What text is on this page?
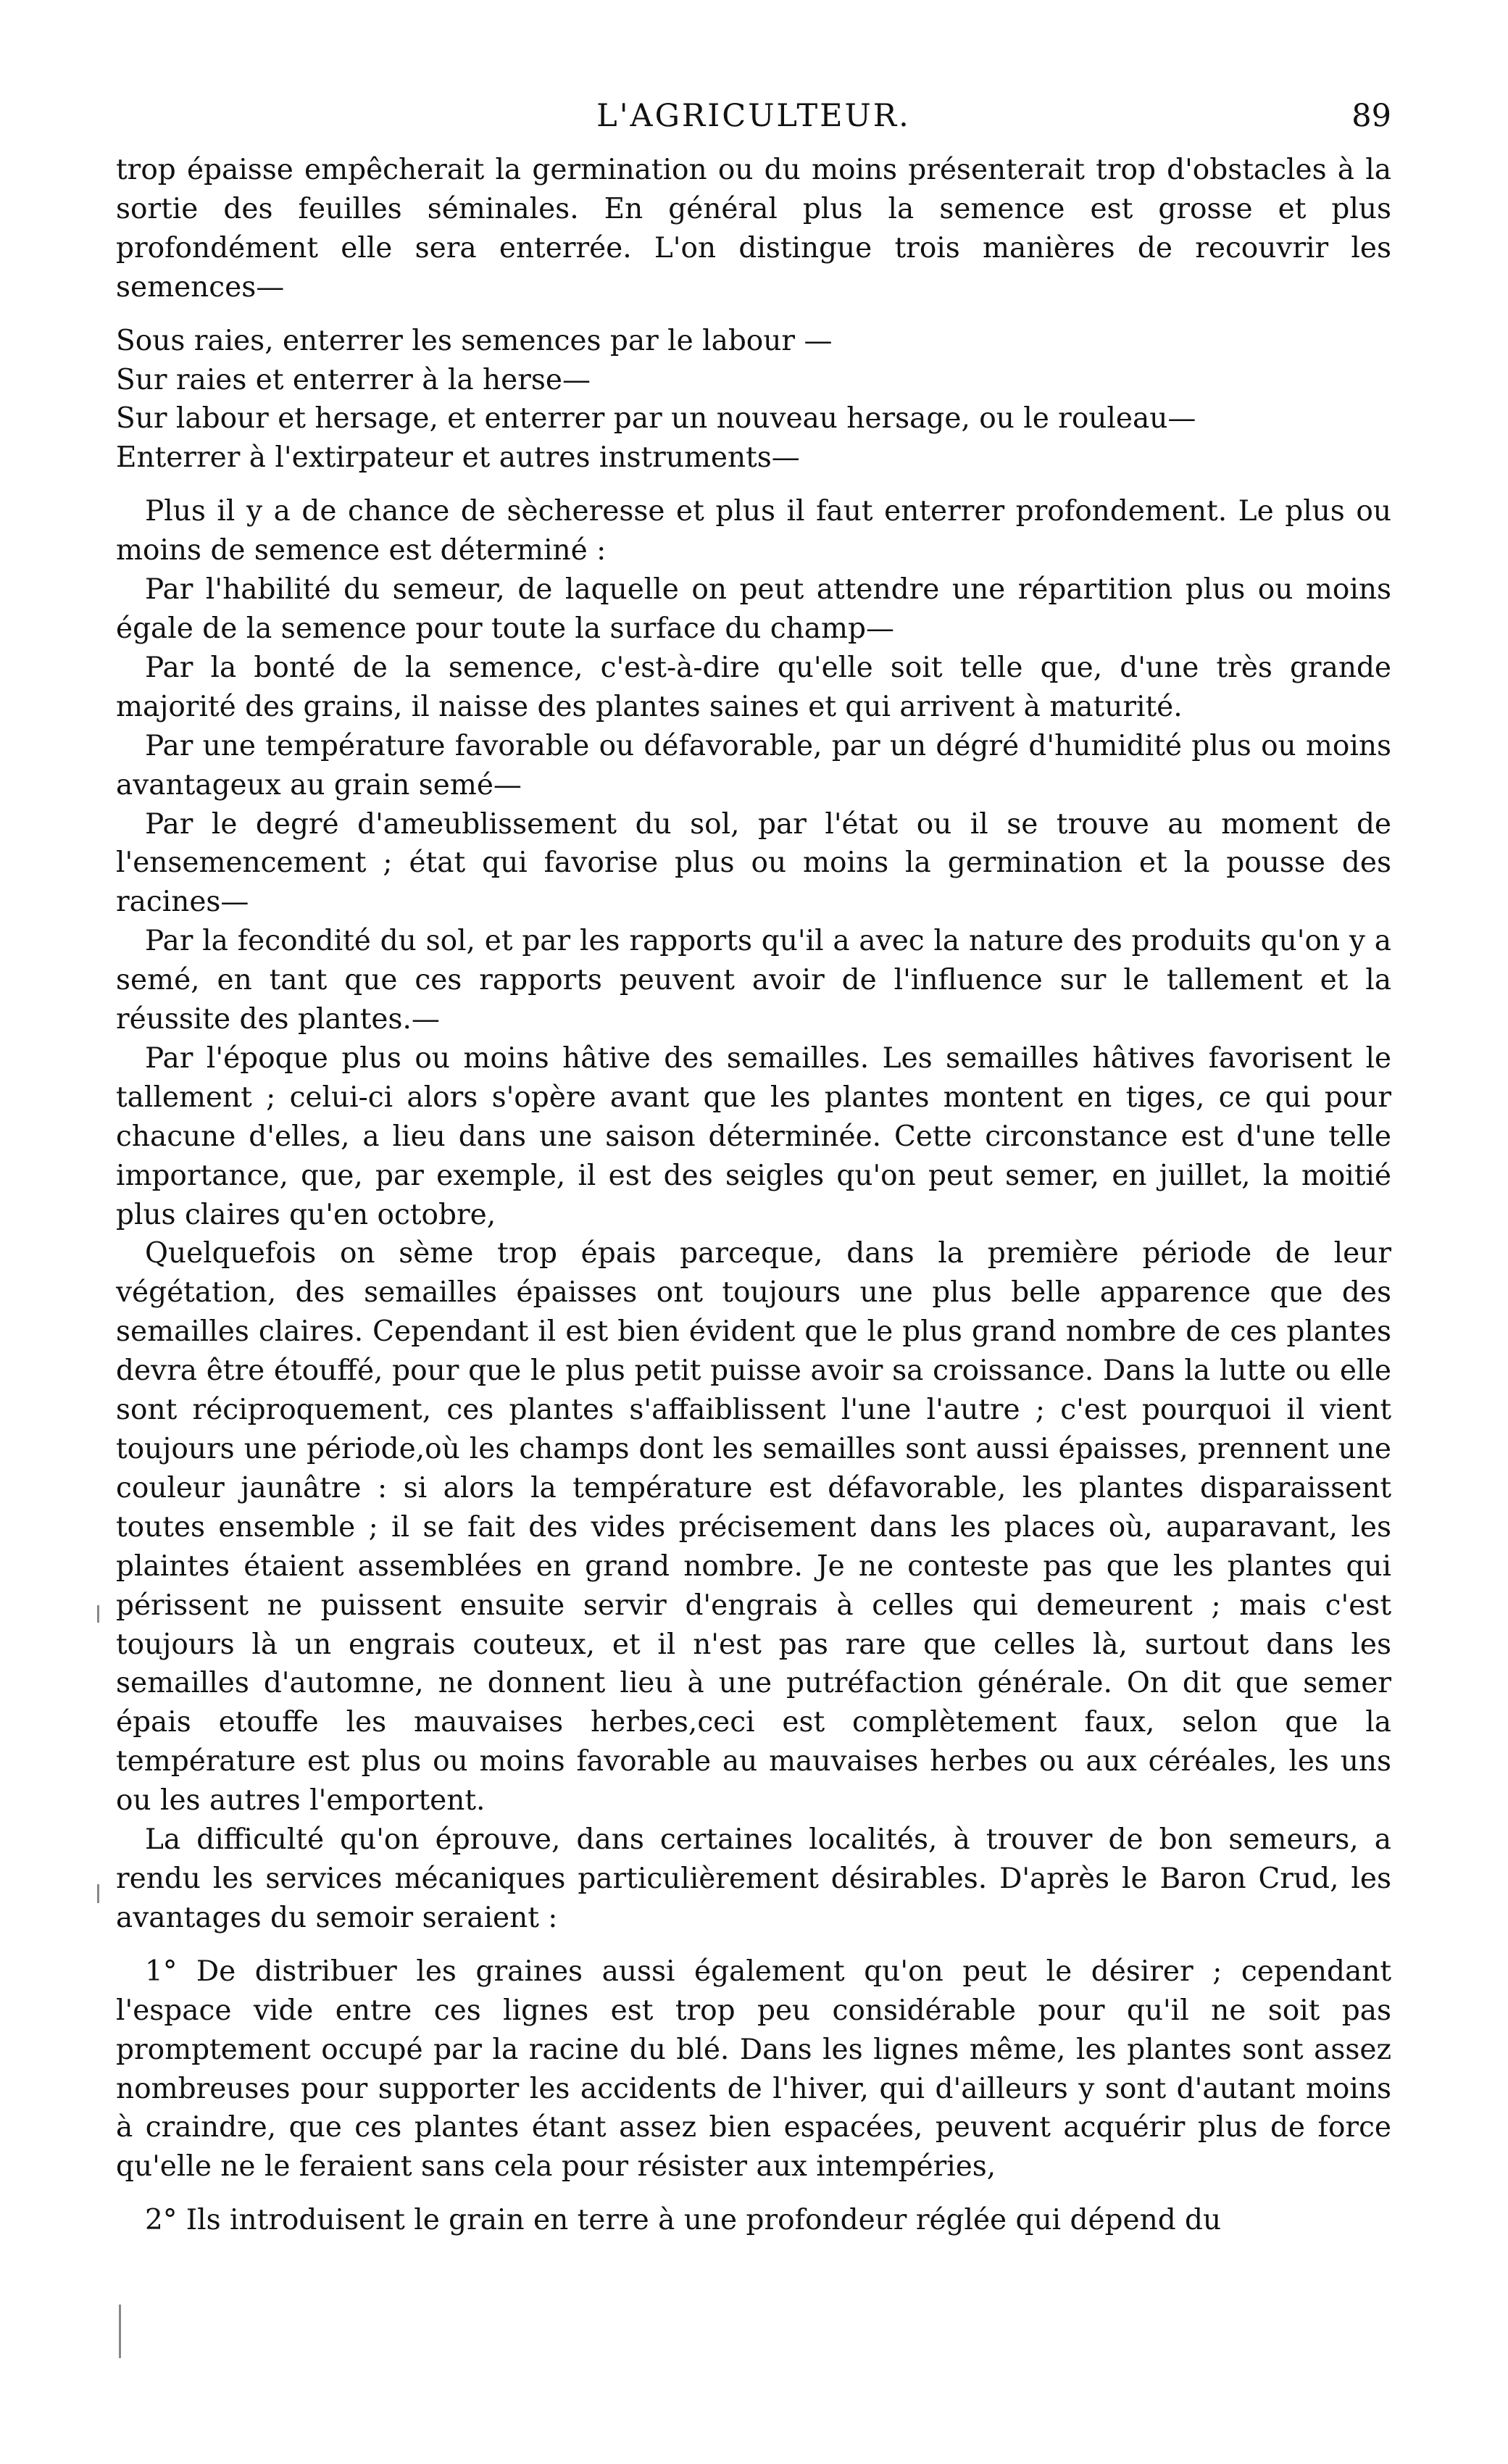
L'AGRICULTEUR.	89

trop épaisse empêcherait la germination ou du moins présenterait trop d'obstacles à la sortie des feuilles séminales. En général plus la semence est grosse et plus profondément elle sera enterrée. L'on distingue trois manières de recouvrir les semences—

Sous raies, enterrer les semences par le labour —

Sur raies et enterrer à la herse—

Sur labour et hersage, et enterrer par un nouveau hersage, ou le rouleau—

Enterrer à l'extirpateur et autres instruments—

Plus il y a de chance de sècheresse et plus il faut enterrer profondement. Le plus ou moins de semence est déterminé :

Par l'habilité du semeur, de laquelle on peut attendre une répartition plus ou moins égale de la semence pour toute la surface du champ—

Par la bonté de la semence, c'est-à-dire qu'elle soit telle que, d'une très grande majorité des grains, il naisse des plantes saines et qui arrivent à maturité.

Par une température favorable ou défavorable, par un dégré d'humidité plus ou moins avantageux au grain semé—

Par le degré d'ameublissement du sol, par l'état ou il se trouve au moment de l'ensemencement ; état qui favorise plus ou moins la germination et la pousse des racines—

Par la fecondité du sol, et par les rapports qu'il a avec la nature des produits qu'on y a semé, en tant que ces rapports peuvent avoir de l'influence sur le tallement et la réussite des plantes.—

Par l'époque plus ou moins hâtive des semailles. Les semailles hâtives favorisent le tallement ; celui-ci alors s'opère avant que les plantes montent en tiges, ce qui pour chacune d'elles, a lieu dans une saison déterminée. Cette circonstance est d'une telle importance, que, par exemple, il est des seigles qu'on peut semer, en juillet, la moitié plus claires qu'en octobre,

Quelquefois on sème trop épais parceque, dans la première période de leur végétation, des semailles épaisses ont toujours une plus belle apparence que des semailles claires. Cependant il est bien évident que le plus grand nombre de ces plantes devra être étouffé, pour que le plus petit puisse avoir sa croissance. Dans la lutte ou elle sont réciproquement, ces plantes s'affaiblissent l'une l'autre ; c'est pourquoi il vient toujours une période,où les champs dont les semailles sont aussi épaisses, prennent une couleur jaunâtre : si alors la température est défavorable, les plantes disparaissent toutes ensemble ; il se fait des vides précisement dans les places où, auparavant, les plaintes étaient assemblées en grand nombre. Je ne conteste pas que les plantes qui périssent ne puissent ensuite servir d'engrais à celles qui demeurent ; mais c'est toujours là un engrais couteux, et il n'est pas rare que celles là, surtout dans les semailles d'automne, ne donnent lieu à une putréfaction générale. On dit que semer épais etouffe les mauvaises herbes,ceci est complètement faux, selon que la température est plus ou moins favorable au mauvaises herbes ou aux céréales, les uns ou les autres l'emportent.

La difficulté qu'on éprouve, dans certaines localités, à trouver de bon semeurs, a rendu les services mécaniques particulièrement désirables. D'après le Baron Crud, les avantages du semoir seraient :

1° De distribuer les graines aussi également qu'on peut le désirer ; cependant l'espace vide entre ces lignes est trop peu considérable pour qu'il ne soit pas promptement occupé par la racine du blé. Dans les lignes même, les plantes sont assez nombreuses pour supporter les accidents de l'hiver, qui d'ailleurs y sont d'autant moins à craindre, que ces plantes étant assez bien espacées, peuvent acquérir plus de force qu'elle ne le feraient sans cela pour résister aux intempéries,

2° Ils introduisent le grain en terre à une profondeur réglée qui dépend du
